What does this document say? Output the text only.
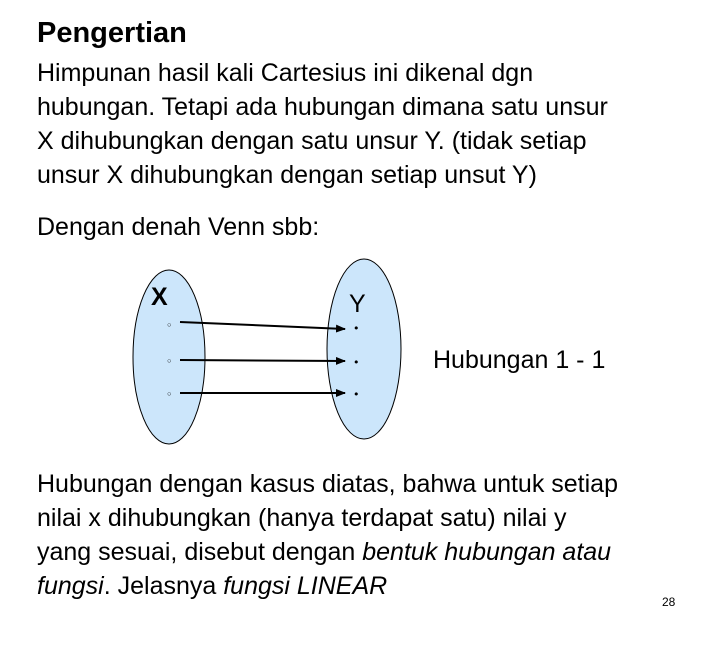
Pengertian

Himpunan hasil kali Cartesius ini dikenal dgn
hubungan. Tetapi ada hubungan dimana satu unsur
X dihubungkan dengan satu unsur Y. (tidak setiap
unsur X dihubungkan dengan setiap unsut Y)

Dengan denah Venn sbb:

X	Y
◦
◦
◦
•
•
•
Hubungan 1 - 1

Hubungan dengan kasus diatas, bahwa untuk setiap
nilai x dihubungkan (hanya terdapat satu) nilai y
yang sesuai, disebut dengan bentuk hubungan atau
fungsi. Jelasnya fungsi LINEAR

28
